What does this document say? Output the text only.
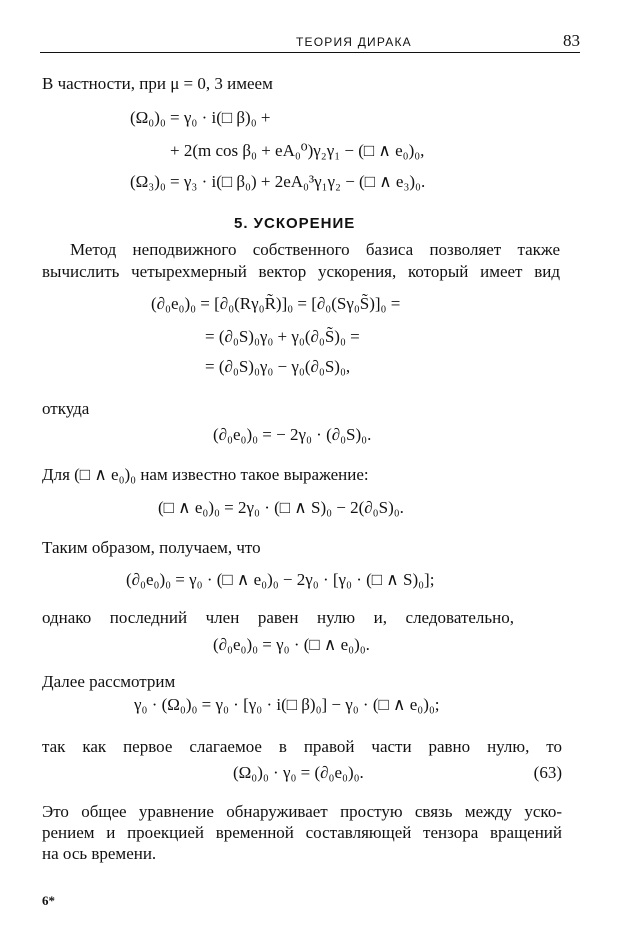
ТЕОРИЯ ДИРАКА	83
В частности, при μ = 0, 3 имеем
(Ω₀)₀ = γ₀ · i(□ β)₀ +
+ 2(m cos β₀ + eA₀⁰)γ₂γ₁ − (□ ∧ e₀)₀,
(Ω₃)₀ = γ₃ · i(□ β₀) + 2eA₀³γ₁γ₂ − (□ ∧ e₃)₀.
5. УСКОРЕНИЕ
Метод неподвижного собственного базиса позволяет также
вычислить четырехмерный вектор ускорения, который имеет вид
(∂₀e₀)₀ = [∂₀(Rγ₀R̃)]₀ = [∂₀(Sγ₀S̃)]₀ =
= (∂₀S)₀γ₀ + γ₀(∂₀S̃)₀ =
= (∂₀S)₀γ₀ − γ₀(∂₀S)₀,
откуда
(∂₀e₀)₀ = − 2γ₀ · (∂₀S)₀.
Для (□ ∧ e₀)₀ нам известно такое выражение:
(□ ∧ e₀)₀ = 2γ₀ · (□ ∧ S)₀ − 2(∂₀S)₀.
Таким образом, получаем, что
(∂₀e₀)₀ = γ₀ · (□ ∧ e₀)₀ − 2γ₀ · [γ₀ · (□ ∧ S)₀];
однако последний член равен нулю и, следовательно,
(∂₀e₀)₀ = γ₀ · (□ ∧ e₀)₀.
Далее рассмотрим
γ₀ · (Ω₀)₀ = γ₀ · [γ₀ · i(□ β)₀] − γ₀ · (□ ∧ e₀)₀;
так как первое слагаемое в правой части равно нулю, то
(Ω₀)₀ · γ₀ = (∂₀e₀)₀.	(63)
Это общее уравнение обнаруживает простую связь между уско-
рением и проекцией временной составляющей тензора вращений
на ось времени.
6*
